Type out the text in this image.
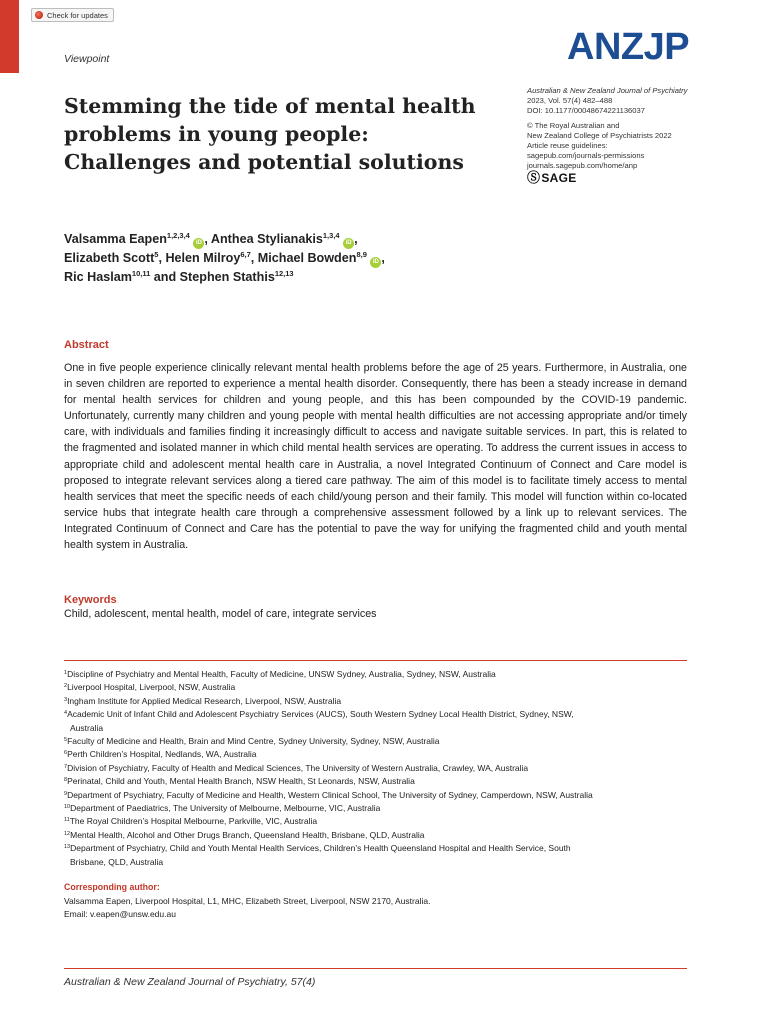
Check for updates
Viewpoint	ANZJP
Stemming the tide of mental health problems in young people: Challenges and potential solutions
Australian & New Zealand Journal of Psychiatry
2023, Vol. 57(4) 482–488
DOI: 10.1177/00048674221136037
© The Royal Australian and
New Zealand College of Psychiatrists 2022
Article reuse guidelines:
sagepub.com/journals-permissions
journals.sagepub.com/home/anp
Ⓢ SAGE
Valsamma Eapen$^{1,2,3,4}$ iD , Anthea Stylianakis$^{1,3,4}$ iD ,
Elizabeth Scott$^5$, Helen Milroy$^{6,7}$, Michael Bowden$^{8,9}$ iD ,
Ric Haslam$^{10,11}$ and Stephen Stathis$^{12,13}$
Abstract
One in five people experience clinically relevant mental health problems before the age of 25 years. Furthermore, in Australia, one in seven children are reported to experience a mental health disorder. Consequently, there has been a steady increase in demand for mental health services for children and young people, and this has been compounded by the COVID-19 pandemic. Unfortunately, currently many children and young people with mental health difficulties are not accessing appropriate and/or timely care, with individuals and families finding it increasingly difficult to access and navigate suitable services. In part, this is related to the fragmented and isolated manner in which child mental health services are operating. To address the current issues in access to appropriate child and adolescent mental health care in Australia, a novel Integrated Continuum of Connect and Care model is proposed to integrate relevant services along a tiered care pathway. The aim of this model is to facilitate timely access to mental health services that meet the specific needs of each child/young person and their family. This model will function within co-located service hubs that integrate health care through a comprehensive assessment followed by a link up to relevant services. The Integrated Continuum of Connect and Care has the potential to pave the way for unifying the fragmented child and youth mental health system in Australia.
Keywords
Child, adolescent, mental health, model of care, integrate services
$^1$Discipline of Psychiatry and Mental Health, Faculty of Medicine, UNSW Sydney, Australia, Sydney, NSW, Australia
$^2$Liverpool Hospital, Liverpool, NSW, Australia
$^3$Ingham Institute for Applied Medical Research, Liverpool, NSW, Australia
$^4$Academic Unit of Infant Child and Adolescent Psychiatry Services (AUCS), South Western Sydney Local Health District, Sydney, NSW,
Australia
$^5$Faculty of Medicine and Health, Brain and Mind Centre, Sydney University, Sydney, NSW, Australia
$^6$Perth Children’s Hospital, Nedlands, WA, Australia
$^7$Division of Psychiatry, Faculty of Health and Medical Sciences, The University of Western Australia, Crawley, WA, Australia
$^8$Perinatal, Child and Youth, Mental Health Branch, NSW Health, St Leonards, NSW, Australia
$^9$Department of Psychiatry, Faculty of Medicine and Health, Western Clinical School, The University of Sydney, Camperdown, NSW, Australia
$^{10}$Department of Paediatrics, The University of Melbourne, Melbourne, VIC, Australia
$^{11}$The Royal Children’s Hospital Melbourne, Parkville, VIC, Australia
$^{12}$Mental Health, Alcohol and Other Drugs Branch, Queensland Health, Brisbane, QLD, Australia
$^{13}$Department of Psychiatry, Child and Youth Mental Health Services, Children’s Health Queensland Hospital and Health Service, South
Brisbane, QLD, Australia
Corresponding author:
Valsamma Eapen, Liverpool Hospital, L1, MHC, Elizabeth Street, Liverpool, NSW 2170, Australia.
Email: v.eapen@unsw.edu.au
Australian & New Zealand Journal of Psychiatry, 57(4)
